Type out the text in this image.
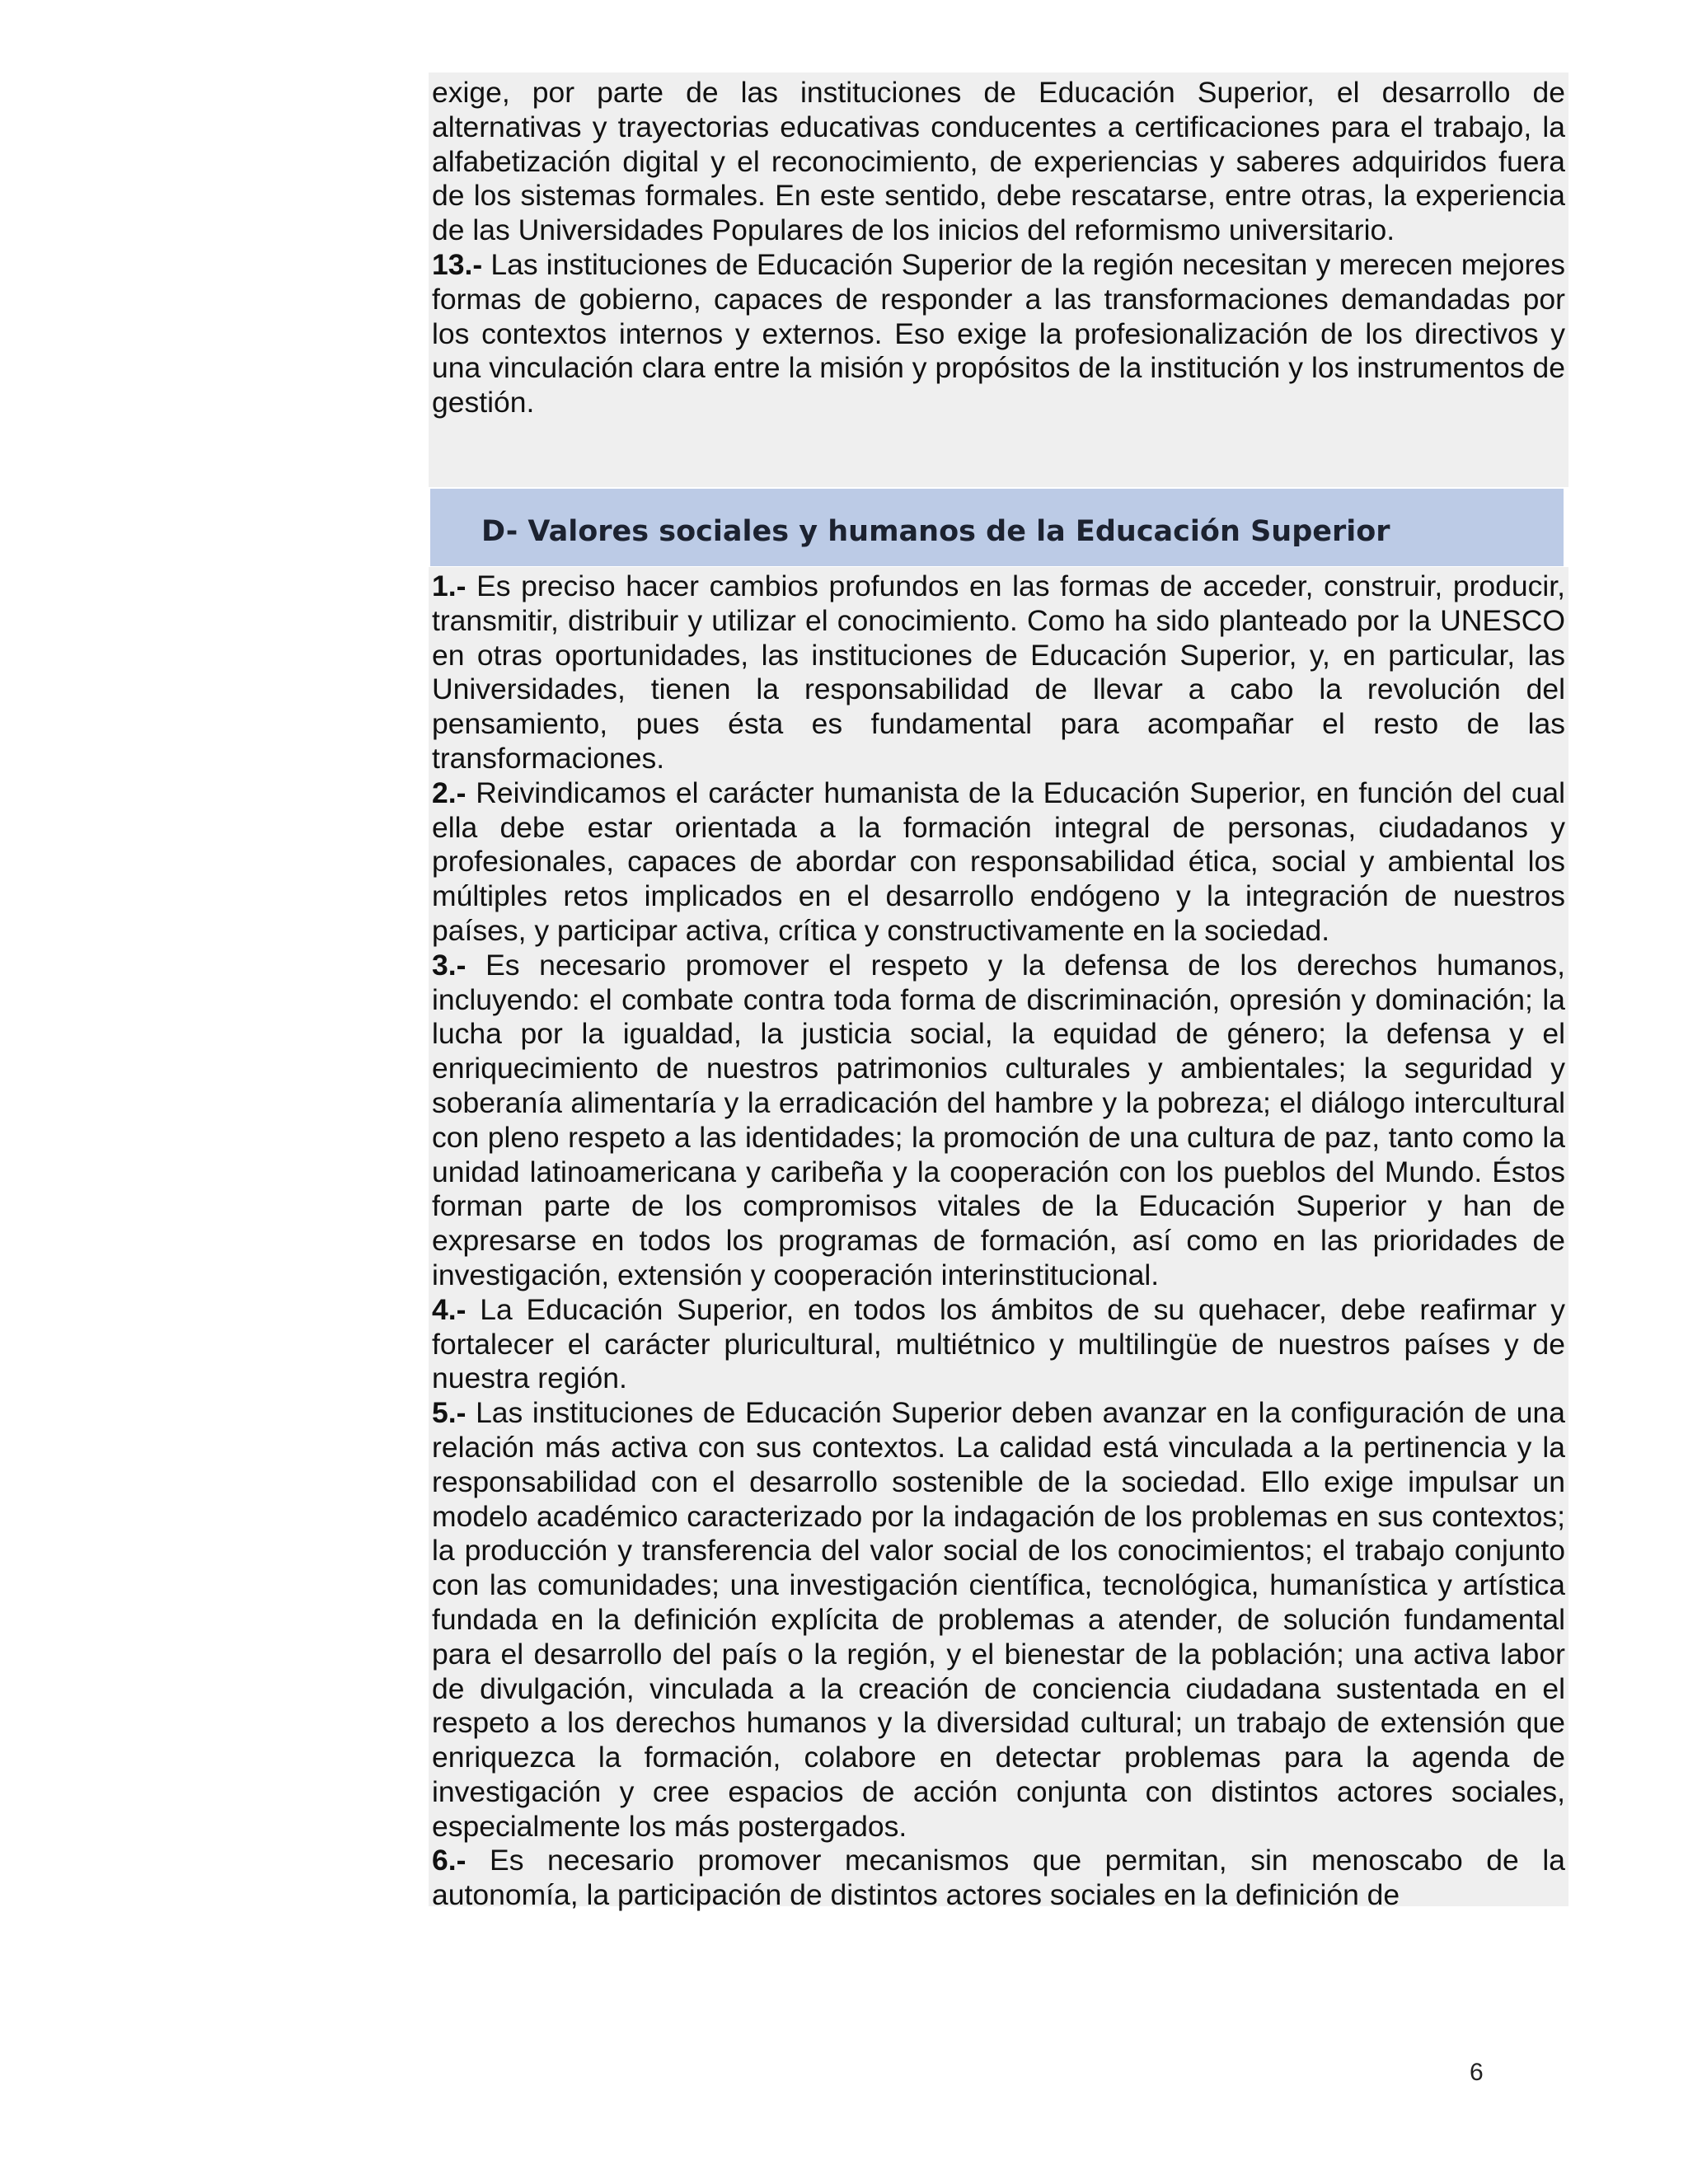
exige, por parte de las instituciones de Educación Superior, el desarrollo de alternativas y trayectorias educativas conducentes a certificaciones para el trabajo, la alfabetización digital y el reconocimiento, de experiencias y saberes adquiridos fuera de los sistemas formales. En este sentido, debe rescatarse, entre otras, la experiencia de las Universidades Populares de los inicios del reformismo universitario.

13.- Las instituciones de Educación Superior de la región necesitan y merecen mejores formas de gobierno, capaces de responder a las transformaciones demandadas por los contextos internos y externos. Eso exige la profesionalización de los directivos y una vinculación clara entre la misión y propósitos de la institución y los instrumentos de gestión.

D- Valores sociales y humanos de la Educación Superior

1.- Es preciso hacer cambios profundos en las formas de acceder, construir, producir, transmitir, distribuir y utilizar el conocimiento. Como ha sido planteado por la UNESCO en otras oportunidades, las instituciones de Educación Superior, y, en particular, las Universidades, tienen la responsabilidad de llevar a cabo la revolución del pensamiento, pues ésta es fundamental para acompañar el resto de las transformaciones.

2.- Reivindicamos el carácter humanista de la Educación Superior, en función del cual ella debe estar orientada a la formación integral de personas, ciudadanos y profesionales, capaces de abordar con responsabilidad ética, social y ambiental los múltiples retos implicados en el desarrollo endógeno y la integración de nuestros países, y participar activa, crítica y constructivamente en la sociedad.

3.- Es necesario promover el respeto y la defensa de los derechos humanos, incluyendo: el combate contra toda forma de discriminación, opresión y dominación; la lucha por la igualdad, la justicia social, la equidad de género; la defensa y el enriquecimiento de nuestros patrimonios culturales y ambientales; la seguridad y soberanía alimentaría y la erradicación del hambre y la pobreza; el diálogo intercultural con pleno respeto a las identidades; la promoción de una cultura de paz, tanto como la unidad latinoamericana y caribeña y la cooperación con los pueblos del Mundo. Éstos forman parte de los compromisos vitales de la Educación Superior y han de expresarse en todos los programas de formación, así como en las prioridades de investigación, extensión y cooperación interinstitucional.

4.- La Educación Superior, en todos los ámbitos de su quehacer, debe reafirmar y fortalecer el carácter pluricultural, multiétnico y multilingüe de nuestros países y de nuestra región.

5.- Las instituciones de Educación Superior deben avanzar en la configuración de una relación más activa con sus contextos. La calidad está vinculada a la pertinencia y la responsabilidad con el desarrollo sostenible de la sociedad. Ello exige impulsar un modelo académico caracterizado por la indagación de los problemas en sus contextos; la producción y transferencia del valor social de los conocimientos; el trabajo conjunto con las comunidades; una investigación científica, tecnológica, humanística y artística fundada en la definición explícita de problemas a atender, de solución fundamental para el desarrollo del país o la región, y el bienestar de la población; una activa labor de divulgación, vinculada a la creación de conciencia ciudadana sustentada en el respeto a los derechos humanos y la diversidad cultural; un trabajo de extensión que enriquezca la formación, colabore en detectar problemas para la agenda de investigación y cree espacios de acción conjunta con distintos actores sociales, especialmente los más postergados.

6.- Es necesario promover mecanismos que permitan, sin menoscabo de la autonomía, la participación de distintos actores sociales en la definición de

6
